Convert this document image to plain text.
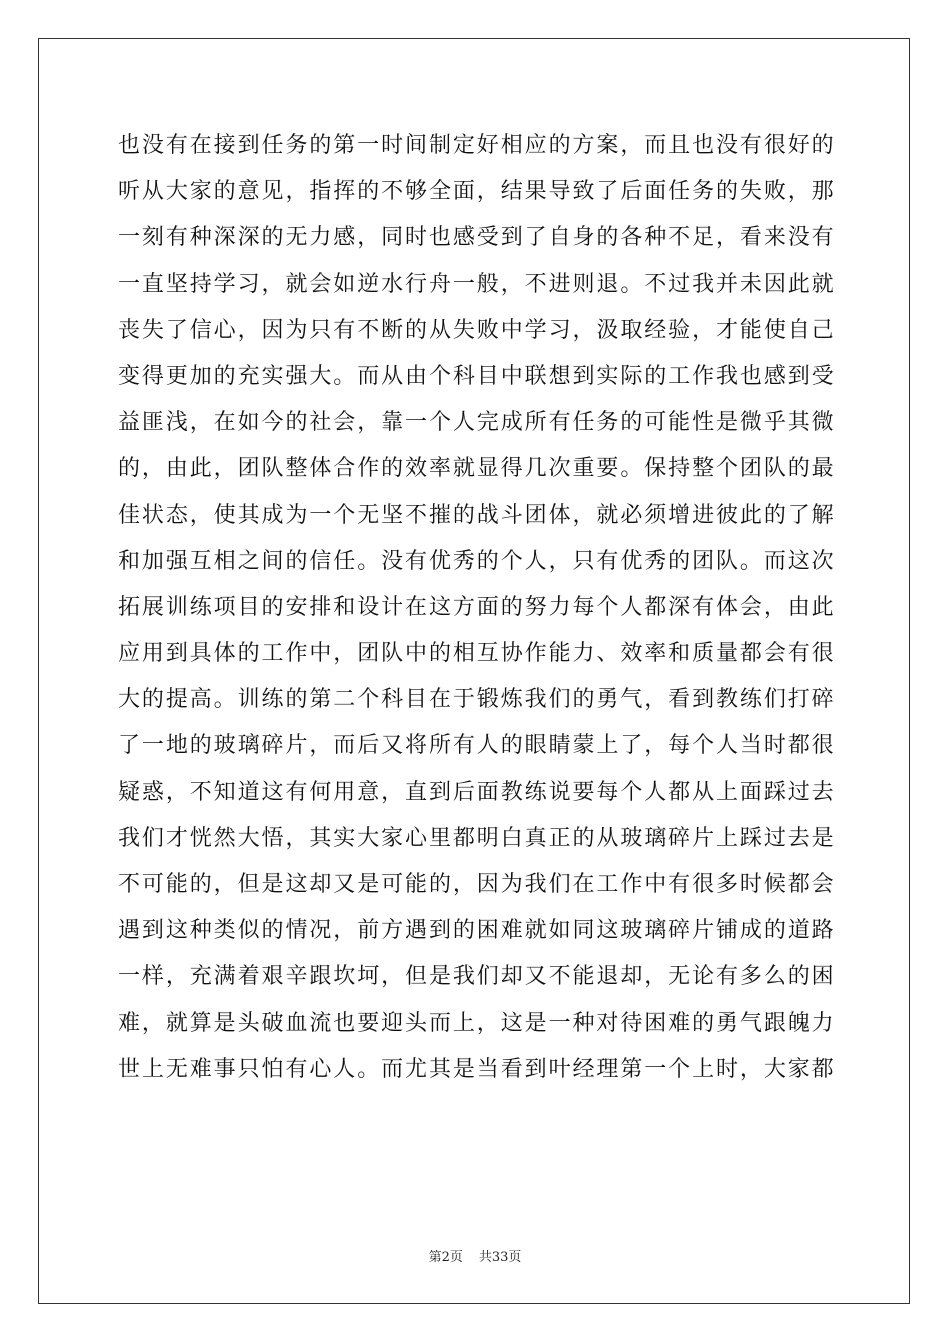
也没有在接到任务的第一时间制定好相应的方案，而且也没有很好的
听从大家的意见，指挥的不够全面，结果导致了后面任务的失败，那
一刻有种深深的无力感，同时也感受到了自身的各种不足，看来没有
一直坚持学习，就会如逆水行舟一般，不进则退。不过我并未因此就
丧失了信心，因为只有不断的从失败中学习，汲取经验，才能使自己
变得更加的充实强大。而从由个科目中联想到实际的工作我也感到受
益匪浅，在如今的社会，靠一个人完成所有任务的可能性是微乎其微
的，由此，团队整体合作的效率就显得几次重要。保持整个团队的最
佳状态，使其成为一个无坚不摧的战斗团体，就必须增进彼此的了解
和加强互相之间的信任。没有优秀的个人，只有优秀的团队。而这次
拓展训练项目的安排和设计在这方面的努力每个人都深有体会，由此
应用到具体的工作中，团队中的相互协作能力、效率和质量都会有很
大的提高。训练的第二个科目在于锻炼我们的勇气，看到教练们打碎
了一地的玻璃碎片，而后又将所有人的眼睛蒙上了，每个人当时都很
疑惑，不知道这有何用意，直到后面教练说要每个人都从上面踩过去
我们才恍然大悟，其实大家心里都明白真正的从玻璃碎片上踩过去是
不可能的，但是这却又是可能的，因为我们在工作中有很多时候都会
遇到这种类似的情况，前方遇到的困难就如同这玻璃碎片铺成的道路
一样，充满着艰辛跟坎坷，但是我们却又不能退却，无论有多么的困
难，就算是头破血流也要迎头而上，这是一种对待困难的勇气跟魄力
世上无难事只怕有心人。而尤其是当看到叶经理第一个上时，大家都
第2页 共33页
